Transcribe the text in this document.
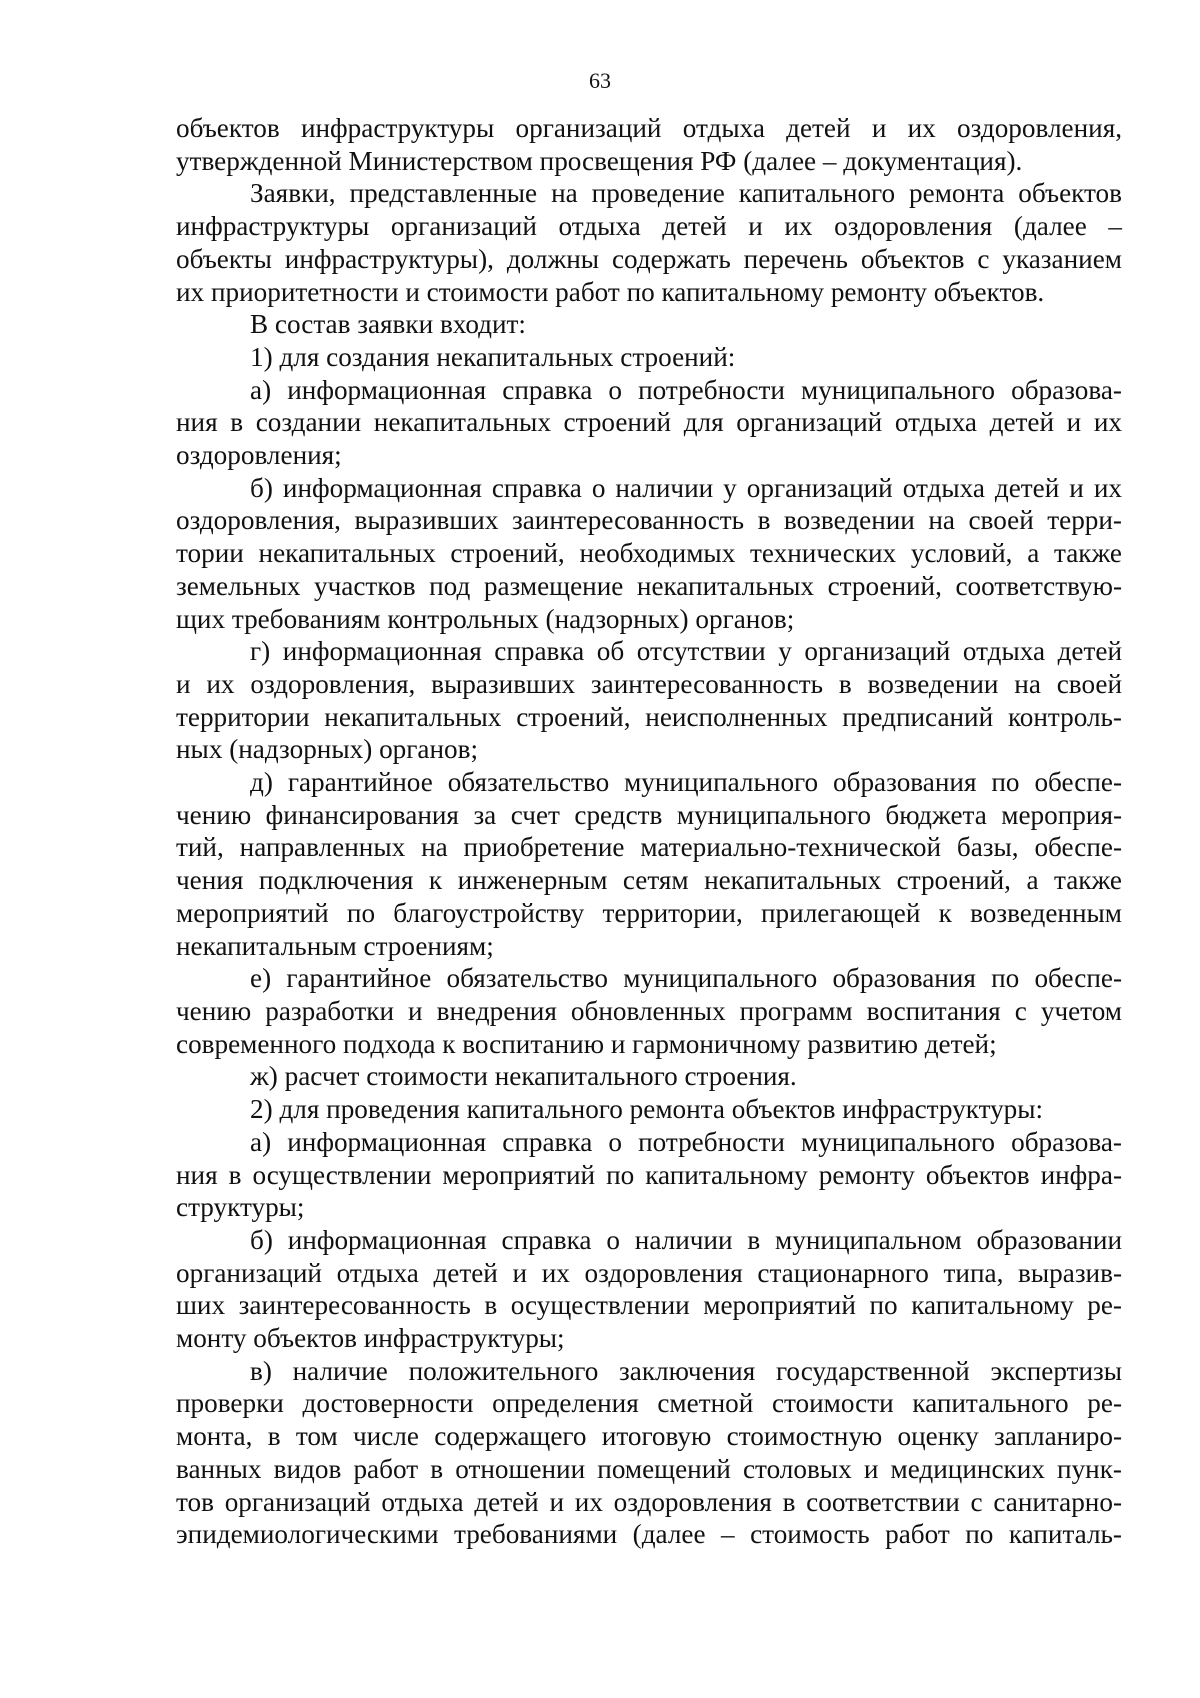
63
объектов инфраструктуры организаций отдыха детей и их оздоровления,
утвержденной Министерством просвещения РФ (далее – документация).
Заявки, представленные на проведение капитального ремонта объектов
инфраструктуры организаций отдыха детей и их оздоровления (далее –
объекты инфраструктуры), должны содержать перечень объектов с указанием
их приоритетности и стоимости работ по капитальному ремонту объектов.
В состав заявки входит:
1) для создания некапитальных строений:
а) информационная справка о потребности муниципального образова-
ния в создании некапитальных строений для организаций отдыха детей и их
оздоровления;
б) информационная справка о наличии у организаций отдыха детей и их
оздоровления, выразивших заинтересованность в возведении на своей терри-
тории некапитальных строений, необходимых технических условий, а также
земельных участков под размещение некапитальных строений, соответствую-
щих требованиям контрольных (надзорных) органов;
г) информационная справка об отсутствии у организаций отдыха детей
и их оздоровления, выразивших заинтересованность в возведении на своей
территории некапитальных строений, неисполненных предписаний контроль-
ных (надзорных) органов;
д) гарантийное обязательство муниципального образования по обеспе-
чению финансирования за счет средств муниципального бюджета мероприя-
тий, направленных на приобретение материально-технической базы, обеспе-
чения подключения к инженерным сетям некапитальных строений, а также
мероприятий по благоустройству территории, прилегающей к возведенным
некапитальным строениям;
е) гарантийное обязательство муниципального образования по обеспе-
чению разработки и внедрения обновленных программ воспитания с учетом
современного подхода к воспитанию и гармоничному развитию детей;
ж) расчет стоимости некапитального строения.
2) для проведения капитального ремонта объектов инфраструктуры:
а) информационная справка о потребности муниципального образова-
ния в осуществлении мероприятий по капитальному ремонту объектов инфра-
структуры;
б) информационная справка о наличии в муниципальном образовании
организаций отдыха детей и их оздоровления стационарного типа, выразив-
ших заинтересованность в осуществлении мероприятий по капитальному ре-
монту объектов инфраструктуры;
в) наличие положительного заключения государственной экспертизы
проверки достоверности определения сметной стоимости капитального ре-
монта, в том числе содержащего итоговую стоимостную оценку запланиро-
ванных видов работ в отношении помещений столовых и медицинских пунк-
тов организаций отдыха детей и их оздоровления в соответствии с санитарно-
эпидемиологическими требованиями (далее – стоимость работ по капиталь-
